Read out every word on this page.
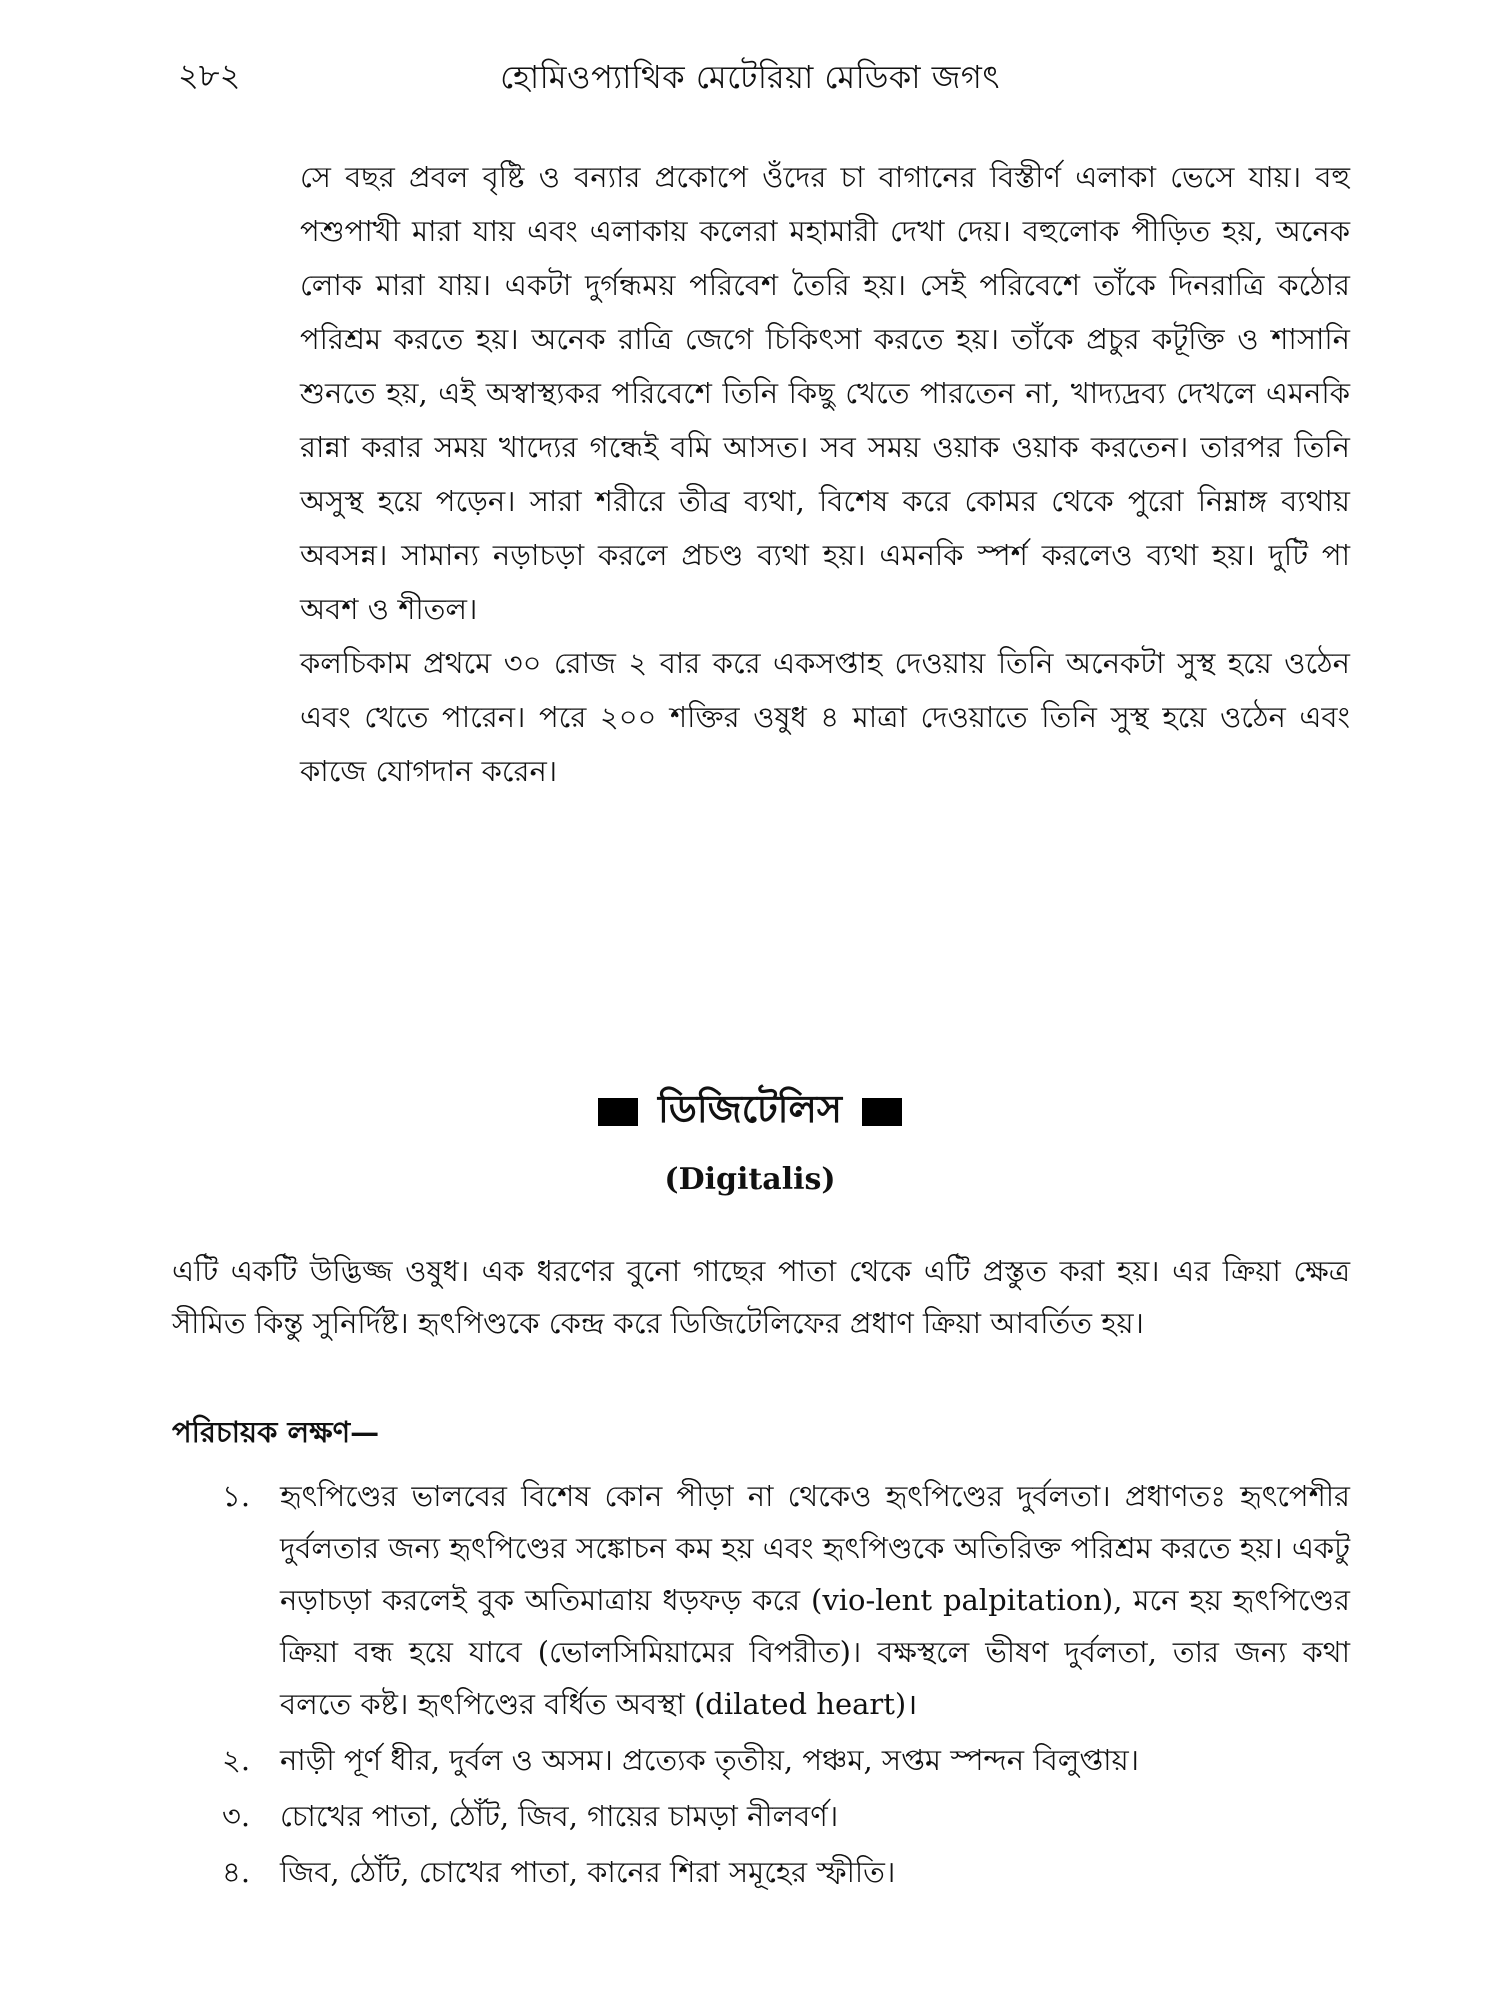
২৮২	হোমিওপ্যাথিক মেটেরিয়া মেডিকা জগৎ

সে বছর প্রবল বৃষ্টি ও বন্যার প্রকোপে ওঁদের চা বাগানের বিস্তীর্ণ এলাকা ভেসে যায়। বহু পশুপাখী মারা যায় এবং এলাকায় কলেরা মহামারী দেখা দেয়। বহুলোক পীড়িত হয়, অনেক লোক মারা যায়। একটা দুর্গন্ধময় পরিবেশ তৈরি হয়। সেই পরিবেশে তাঁকে দিনরাত্রি কঠোর পরিশ্রম করতে হয়। অনেক রাত্রি জেগে চিকিৎসা করতে হয়। তাঁকে প্রচুর কটূক্তি ও শাসানি শুনতে হয়, এই অস্বাস্থ্যকর পরিবেশে তিনি কিছু খেতে পারতেন না, খাদ্যদ্রব্য দেখলে এমনকি রান্না করার সময় খাদ্যের গন্ধেই বমি আসত। সব সময় ওয়াক ওয়াক করতেন। তারপর তিনি অসুস্থ হয়ে পড়েন। সারা শরীরে তীব্র ব্যথা, বিশেষ করে কোমর থেকে পুরো নিম্নাঙ্গ ব্যথায় অবসন্ন। সামান্য নড়াচড়া করলে প্রচণ্ড ব্যথা হয়। এমনকি স্পর্শ করলেও ব্যথা হয়। দুটি পা অবশ ও শীতল।

কলচিকাম প্রথমে ৩০ রোজ ২ বার করে একসপ্তাহ দেওয়ায় তিনি অনেকটা সুস্থ হয়ে ওঠেন এবং খেতে পারেন। পরে ২০০ শক্তির ওষুধ ৪ মাত্রা দেওয়াতে তিনি সুস্থ হয়ে ওঠেন এবং কাজে যোগদান করেন।

ডিজিটেলিস
(Digitalis)
এটি একটি উদ্ভিজ্জ ওষুধ। এক ধরণের বুনো গাছের পাতা থেকে এটি প্রস্তুত করা হয়। এর ক্রিয়া ক্ষেত্র সীমিত কিন্তু সুনির্দিষ্ট। হৃৎপিণ্ডকে কেন্দ্র করে ডিজিটেলিফের প্রধাণ ক্রিয়া আবর্তিত হয়।
পরিচায়ক লক্ষণ—
১.	হৃৎপিণ্ডের ভালবের বিশেষ কোন পীড়া না থেকেও হৃৎপিণ্ডের দুর্বলতা। প্রধাণতঃ হৃৎপেশীর দুর্বলতার জন্য হৃৎপিণ্ডের সঙ্কোচন কম হয় এবং হৃৎপিণ্ডকে অতিরিক্ত পরিশ্রম করতে হয়। একটু নড়াচড়া করলেই বুক অতিমাত্রায় ধড়ফড় করে (vio-lent palpitation), মনে হয় হৃৎপিণ্ডের ক্রিয়া বন্ধ হয়ে যাবে (ভোলসিমিয়ামের বিপরীত)। বক্ষস্থলে ভীষণ দুর্বলতা, তার জন্য কথা বলতে কষ্ট। হৃৎপিণ্ডের বর্ধিত অবস্থা (dilated heart)।
২.	নাড়ী পূর্ণ ধীর, দুর্বল ও অসম। প্রত্যেক তৃতীয়, পঞ্চম, সপ্তম স্পন্দন বিলুপ্তায়।
৩.	চোখের পাতা, ঠোঁট, জিব, গায়ের চামড়া নীলবর্ণ।
৪.	জিব, ঠোঁট, চোখের পাতা, কানের শিরা সমূহের স্ফীতি।
